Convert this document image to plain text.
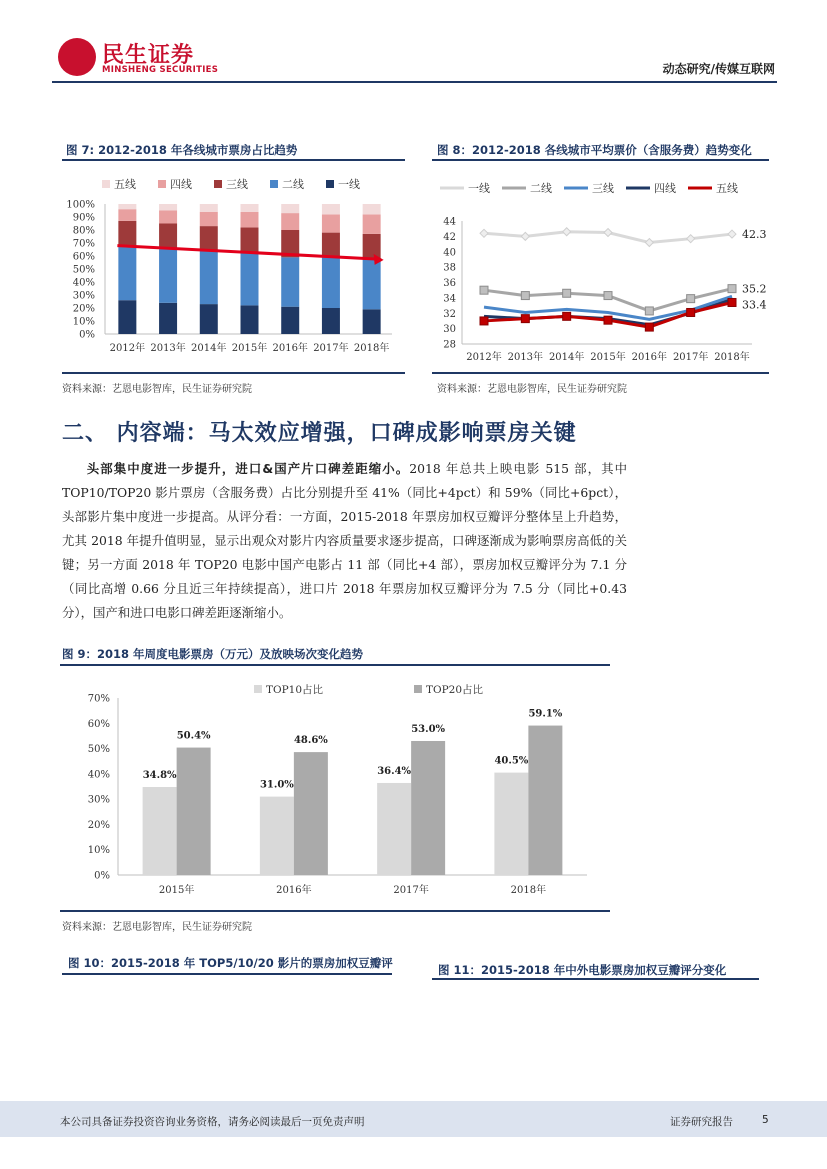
民生证券
MINSHENG SECURITIES	动态研究/传媒互联网
图 7: 2012-2018 年各线城市票房占比趋势
五线	四线	三线	二线	一线
0%
10%
20%
30%
40%
50%
60%
70%
80%
90%
100%
2012年 2013年 2014年 2015年 2016年 2017年 2018年
资料来源：艺恩电影智库，民生证券研究院
图 8：2012-2018 各线城市平均票价（含服务费）趋势变化
一线	二线	三线	四线	五线
28
30
32
34
36
38
40
42
44
2012年 2013年 2014年 2015年 2016年 2017年 2018年
42.3
35.2
33.4
资料来源：艺恩电影智库，民生证券研究院
二、 内容端：马太效应增强，口碑成影响票房关键

头部集中度进一步提升，进口&国产片口碑差距缩小。2018 年总共上映电影 515 部，其中 TOP10/TOP20 影片票房（含服务费）占比分别提升至 41%（同比+4pct）和 59%（同比+6pct），头部影片集中度进一步提高。从评分看：一方面，2015-2018 年票房加权豆瓣评分整体呈上升趋势，尤其 2018 年提升值明显，显示出观众对影片内容质量要求逐步提高，口碑逐渐成为影响票房高低的关键；另一方面 2018 年 TOP20 电影中国产电影占 11 部（同比+4 部），票房加权豆瓣评分为 7.1 分（同比高增 0.66 分且近三年持续提高），进口片 2018 年票房加权豆瓣评分为 7.5 分（同比+0.43 分），国产和进口电影口碑差距逐渐缩小。

图 9：2018 年周度电影票房（万元）及放映场次变化趋势
TOP10占比	TOP20占比
0%
10%
20%
30%
40%
50%
60%
70%
34.8%
50.4%
31.0%
48.6%
36.4%
53.0%
40.5%
59.1%
2015年	2016年	2017年	2018年
资料来源：艺恩电影智库，民生证券研究院
图 10：2015-2018 年 TOP5/10/20 影片的票房加权豆瓣评	图 11：2015-2018 年中外电影票房加权豆瓣评分变化
本公司具备证券投资咨询业务资格，请务必阅读最后一页免责声明	证券研究报告	5
